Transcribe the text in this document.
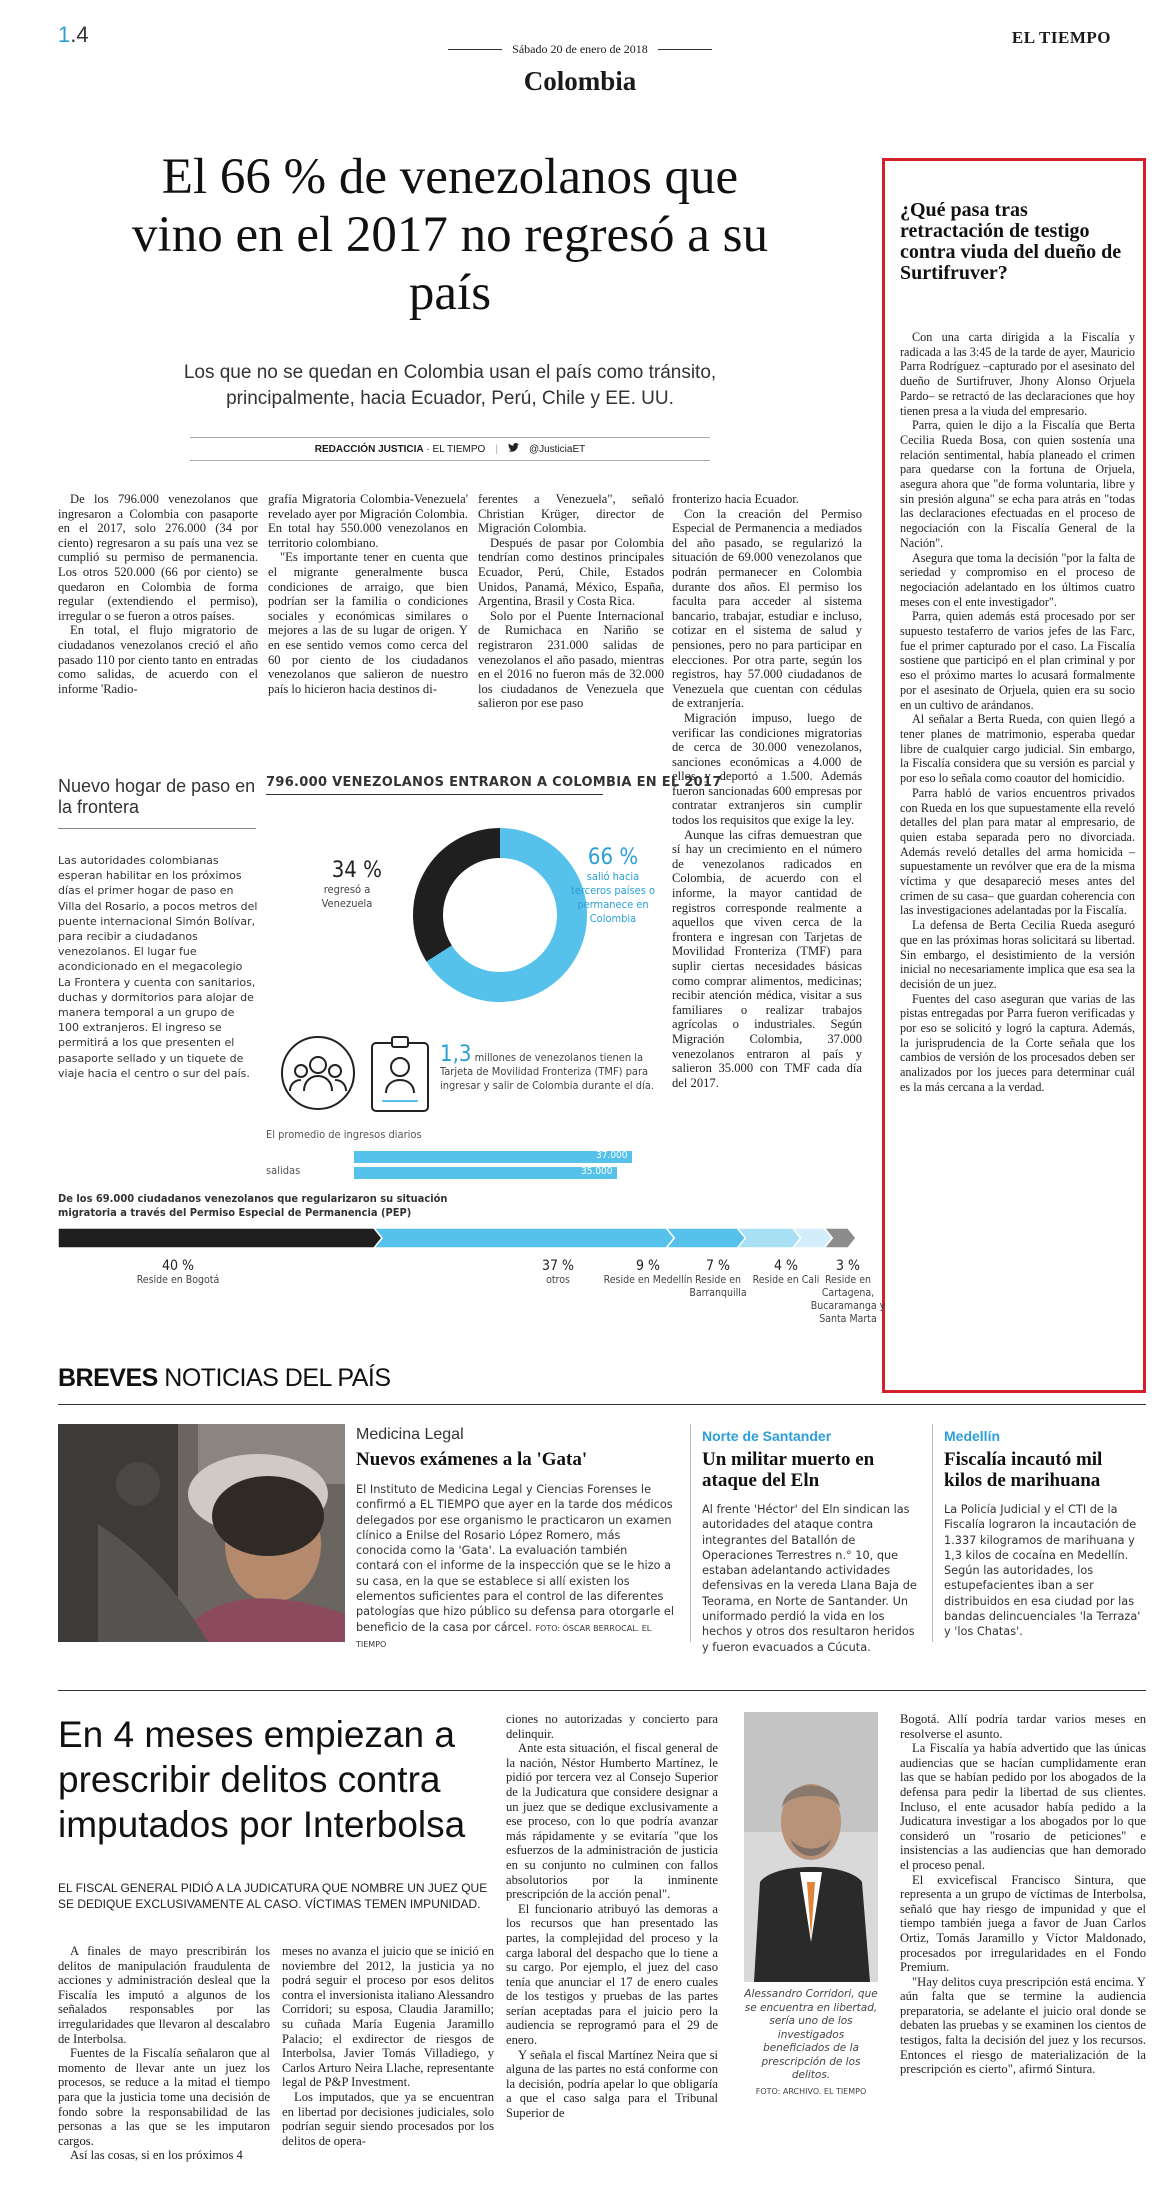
1.4
Sábado 20 de enero de 2018
EL TIEMPO
Colombia
El 66 % de venezolanos que vino en el 2017 no regresó a su país
Los que no se quedan en Colombia usan el país como tránsito, principalmente, hacia Ecuador, Perú, Chile y EE. UU.
REDACCIÓN JUSTICIA · EL TIEMPO |	@JusticiaET

De los 796.000 venezolanos que ingresaron a Colombia con pasaporte en el 2017, solo 276.000 (34 por ciento) regresaron a su país una vez se cumplió su permiso de permanencia. Los otros 520.000 (66 por ciento) se quedaron en Colombia de forma regular (extendiendo el permiso), irregular o se fueron a otros países.

En total, el flujo migratorio de ciudadanos venezolanos creció el año pasado 110 por ciento tanto en entradas como salidas, de acuerdo con el informe 'Radio-

grafía Migratoria Colombia-Venezuela' revelado ayer por Migración Colombia. En total hay 550.000 venezolanos en territorio colombiano.

"Es importante tener en cuenta que el migrante generalmente busca condiciones de arraigo, que bien podrían ser la familia o condiciones sociales y económicas similares o mejores a las de su lugar de origen. Y en ese sentido vemos como cerca del 60 por ciento de los ciudadanos venezolanos que salieron de nuestro país lo hicieron hacia destinos di-

ferentes a Venezuela", señaló Christian Krüger, director de Migración Colombia.

Después de pasar por Colombia tendrían como destinos principales Ecuador, Perú, Chile, Estados Unidos, Panamá, México, España, Argentina, Brasil y Costa Rica.

Solo por el Puente Internacional de Rumichaca en Nariño se registraron 231.000 salidas de venezolanos el año pasado, mientras en el 2016 no fueron más de 32.000 los ciudadanos de Venezuela que salieron por ese paso

fronterizo hacia Ecuador.

Con la creación del Permiso Especial de Permanencia a mediados del año pasado, se regularizó la situación de 69.000 venezolanos que podrán permanecer en Colombia durante dos años. El permiso los faculta para acceder al sistema bancario, trabajar, estudiar e incluso, cotizar en el sistema de salud y pensiones, pero no para participar en elecciones. Por otra parte, según los registros, hay 57.000 ciudadanos de Venezuela que cuentan con cédulas de extranjería.

Migración impuso, luego de verificar las condiciones migratorias de cerca de 30.000 venezolanos, sanciones económicas a 4.000 de ellos y deportó a 1.500. Además fueron sancionadas 600 empresas por contratar extranjeros sin cumplir todos los requisitos que exige la ley.

Aunque las cifras demuestran que sí hay un crecimiento en el número de venezolanos radicados en Colombia, de acuerdo con el informe, la mayor cantidad de registros corresponde realmente a aquellos que viven cerca de la frontera e ingresan con Tarjetas de Movilidad Fronteriza (TMF) para suplir ciertas necesidades básicas como comprar alimentos, medicinas; recibir atención médica, visitar a sus familiares o realizar trabajos agrícolas o industriales. Según Migración Colombia, 37.000 venezolanos entraron al país y salieron 35.000 con TMF cada día del 2017.

¿Qué pasa tras retractación de testigo contra viuda del dueño de Surtifruver?

Con una carta dirigida a la Fiscalía y radicada a las 3:45 de la tarde de ayer, Mauricio Parra Rodríguez –capturado por el asesinato del dueño de Surtifruver, Jhony Alonso Orjuela Pardo– se retractó de las declaraciones que hoy tienen presa a la viuda del empresario.

Parra, quien le dijo a la Fiscalía que Berta Cecilia Rueda Bosa, con quien sostenía una relación sentimental, había planeado el crimen para quedarse con la fortuna de Orjuela, asegura ahora que "de forma voluntaria, libre y sin presión alguna" se echa para atrás en "todas las declaraciones efectuadas en el proceso de negociación con la Fiscalía General de la Nación".

Asegura que toma la decisión "por la falta de seriedad y compromiso en el proceso de negociación adelantado en los últimos cuatro meses con el ente investigador".

Parra, quien además está procesado por ser supuesto testaferro de varios jefes de las Farc, fue el primer capturado por el caso. La Fiscalía sostiene que participó en el plan criminal y por eso el próximo martes lo acusará formalmente por el asesinato de Orjuela, quien era su socio en un cultivo de arándanos.

Al señalar a Berta Rueda, con quien llegó a tener planes de matrimonio, esperaba quedar libre de cualquier cargo judicial. Sin embargo, la Fiscalía considera que su versión es parcial y por eso lo señala como coautor del homicidio.

Parra habló de varios encuentros privados con Rueda en los que supuestamente ella reveló detalles del plan para matar al empresario, de quien estaba separada pero no divorciada. Además reveló detalles del arma homicida –supuestamente un revólver que era de la misma víctima y que desapareció meses antes del crimen de su casa– que guardan coherencia con las investigaciones adelantadas por la Fiscalía.

La defensa de Berta Cecilia Rueda aseguró que en las próximas horas solicitará su libertad. Sin embargo, el desistimiento de la versión inicial no necesariamente implica que esa sea la decisión de un juez.

Fuentes del caso aseguran que varias de las pistas entregadas por Parra fueron verificadas y por eso se solicitó y logró la captura. Además, la jurisprudencia de la Corte señala que los cambios de versión de los procesados deben ser analizados por los jueces para determinar cuál es la más cercana a la verdad.

Nuevo hogar de paso en la frontera
Las autoridades colombianas esperan habilitar en los próximos días el primer hogar de paso en Villa del Rosario, a pocos metros del puente internacional Simón Bolívar, para recibir a ciudadanos venezolanos. El lugar fue acondicionado en el megacolegio La Frontera y cuenta con sanitarios, duchas y dormitorios para alojar de manera temporal a un grupo de 100 extranjeros. El ingreso se permitirá a los que presenten el pasaporte sellado y un tiquete de viaje hacia el centro o sur del país.
796.000 VENEZOLANOS ENTRARON A COLOMBIA EN EL 2017
34 %
regresó a Venezuela
66 %
salió hacia terceros países o permanece en Colombia
1,3 millones de venezolanos tienen la Tarjeta de Movilidad Fronteriza (TMF) para ingresar y salir de Colombia durante el día.
El promedio de ingresos diarios
salidas
37.000
35.000
De los 69.000 ciudadanos venezolanos que regularizaron su situación migratoria a través del Permiso Especial de Permanencia (PEP)
40 %
Reside en Bogotá
37 %
otros
9 %
Reside en Medellín
7 %
Reside en Barranquilla
4 %
Reside en Cali
3 %
Reside en Cartagena, Bucaramanga y Santa Marta
BREVES NOTICIAS DEL PAÍS
Medicina Legal
Nuevos exámenes a la 'Gata'
El Instituto de Medicina Legal y Ciencias Forenses le confirmó a EL TIEMPO que ayer en la tarde dos médicos delegados por ese organismo le practicaron un examen clínico a Enilse del Rosario López Romero, más conocida como la 'Gata'. La evaluación también contará con el informe de la inspección que se le hizo a su casa, en la que se establece si allí existen los elementos suficientes para el control de las diferentes patologías que hizo público su defensa para otorgarle el beneficio de la casa por cárcel. FOTO: ÓSCAR BERROCAL. EL TIEMPO
Norte de Santander
Un militar muerto en ataque del Eln
Al frente 'Héctor' del Eln sindican las autoridades del ataque contra integrantes del Batallón de Operaciones Terrestres n.° 10, que estaban adelantando actividades defensivas en la vereda Llana Baja de Teorama, en Norte de Santander. Un uniformado perdió la vida en los hechos y otros dos resultaron heridos y fueron evacuados a Cúcuta.
Medellín
Fiscalía incautó mil kilos de marihuana
La Policía Judicial y el CTI de la Fiscalía lograron la incautación de 1.337 kilogramos de marihuana y 1,3 kilos de cocaína en Medellín. Según las autoridades, los estupefacientes iban a ser distribuidos en esa ciudad por las bandas delincuenciales 'la Terraza' y 'los Chatas'.
En 4 meses empiezan a prescribir delitos contra imputados por Interbolsa
EL FISCAL GENERAL PIDIÓ A LA JUDICATURA QUE NOMBRE UN JUEZ QUE SE DEDIQUE EXCLUSIVAMENTE AL CASO. VÍCTIMAS TEMEN IMPUNIDAD.

A finales de mayo prescribirán los delitos de manipulación fraudulenta de acciones y administración desleal que la Fiscalía les imputó a algunos de los señalados responsables por las irregularidades que llevaron al descalabro de Interbolsa.

Fuentes de la Fiscalía señalaron que al momento de llevar ante un juez los procesos, se reduce a la mitad el tiempo para que la justicia tome una decisión de fondo sobre la responsabilidad de las personas a las que se les imputaron cargos.

Así las cosas, si en los próximos 4

meses no avanza el juicio que se inició en noviembre del 2012, la justicia ya no podrá seguir el proceso por esos delitos contra el inversionista italiano Alessandro Corridori; su esposa, Claudia Jaramillo; su cuñada María Eugenia Jaramillo Palacio; el exdirector de riesgos de Interbolsa, Javier Tomás Villadiego, y Carlos Arturo Neira Llache, representante legal de P&P Investment.

Los imputados, que ya se encuentran en libertad por decisiones judiciales, solo podrían seguir siendo procesados por los delitos de opera-

ciones no autorizadas y concierto para delinquir.

Ante esta situación, el fiscal general de la nación, Néstor Humberto Martínez, le pidió por tercera vez al Consejo Superior de la Judicatura que considere designar a un juez que se dedique exclusivamente a ese proceso, con lo que podría avanzar más rápidamente y se evitaría "que los esfuerzos de la administración de justicia en su conjunto no culminen con fallos absolutorios por la inminente prescripción de la acción penal".

El funcionario atribuyó las demoras a los recursos que han presentado las partes, la complejidad del proceso y la carga laboral del despacho que lo tiene a su cargo. Por ejemplo, el juez del caso tenía que anunciar el 17 de enero cuales de los testigos y pruebas de las partes serían aceptadas para el juicio pero la audiencia se reprogramó para el 29 de enero.

Y señala el fiscal Martínez Neira que si alguna de las partes no está conforme con la decisión, podría apelar lo que obligaría a que el caso salga para el Tribunal Superior de

Alessandro Corridori, que se encuentra en libertad, sería uno de los investigados beneficiados de la prescripción de los delitos.
FOTO: ARCHIVO. EL TIEMPO

Bogotá. Allí podría tardar varios meses en resolverse el asunto.

La Fiscalía ya había advertido que las únicas audiencias que se hacían cumplidamente eran las que se habían pedido por los abogados de la defensa para pedir la libertad de sus clientes. Incluso, el ente acusador había pedido a la Judicatura investigar a los abogados por lo que consideró un "rosario de peticiones" e insistencias a las audiencias que han demorado el proceso penal.

El exvicefiscal Francisco Sintura, que representa a un grupo de víctimas de Interbolsa, señaló que hay riesgo de impunidad y que el tiempo también juega a favor de Juan Carlos Ortiz, Tomás Jaramillo y Víctor Maldonado, procesados por irregularidades en el Fondo Premium.

"Hay delitos cuya prescripción está encima. Y aún falta que se termine la audiencia preparatoria, se adelante el juicio oral donde se debaten las pruebas y se examinen los cientos de testigos, falta la decisión del juez y los recursos. Entonces el riesgo de materialización de la prescripción es cierto", afirmó Sintura.
